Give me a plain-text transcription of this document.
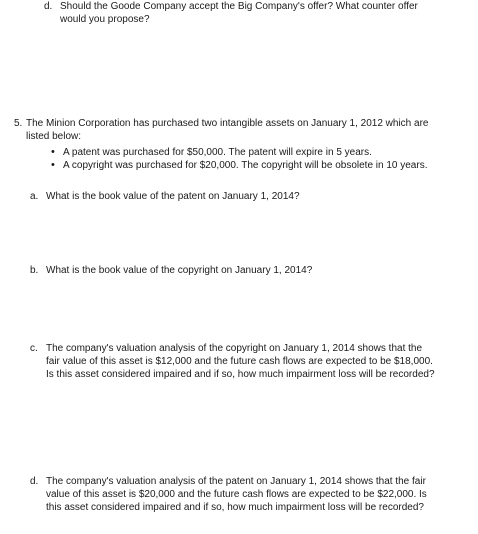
d. Should the Goode Company accept the Big Company's offer? What counter offer
would you propose?
5. The Minion Corporation has purchased two intangible assets on January 1, 2012 which are
listed below:
• A patent was purchased for $50,000. The patent will expire in 5 years.
• A copyright was purchased for $20,000. The copyright will be obsolete in 10 years.
a. What is the book value of the patent on January 1, 2014?
b. What is the book value of the copyright on January 1, 2014?
c. The company's valuation analysis of the copyright on January 1, 2014 shows that the
fair value of this asset is $12,000 and the future cash flows are expected to be $18,000.
Is this asset considered impaired and if so, how much impairment loss will be recorded?
d. The company's valuation analysis of the patent on January 1, 2014 shows that the fair
value of this asset is $20,000 and the future cash flows are expected to be $22,000. Is
this asset considered impaired and if so, how much impairment loss will be recorded?
